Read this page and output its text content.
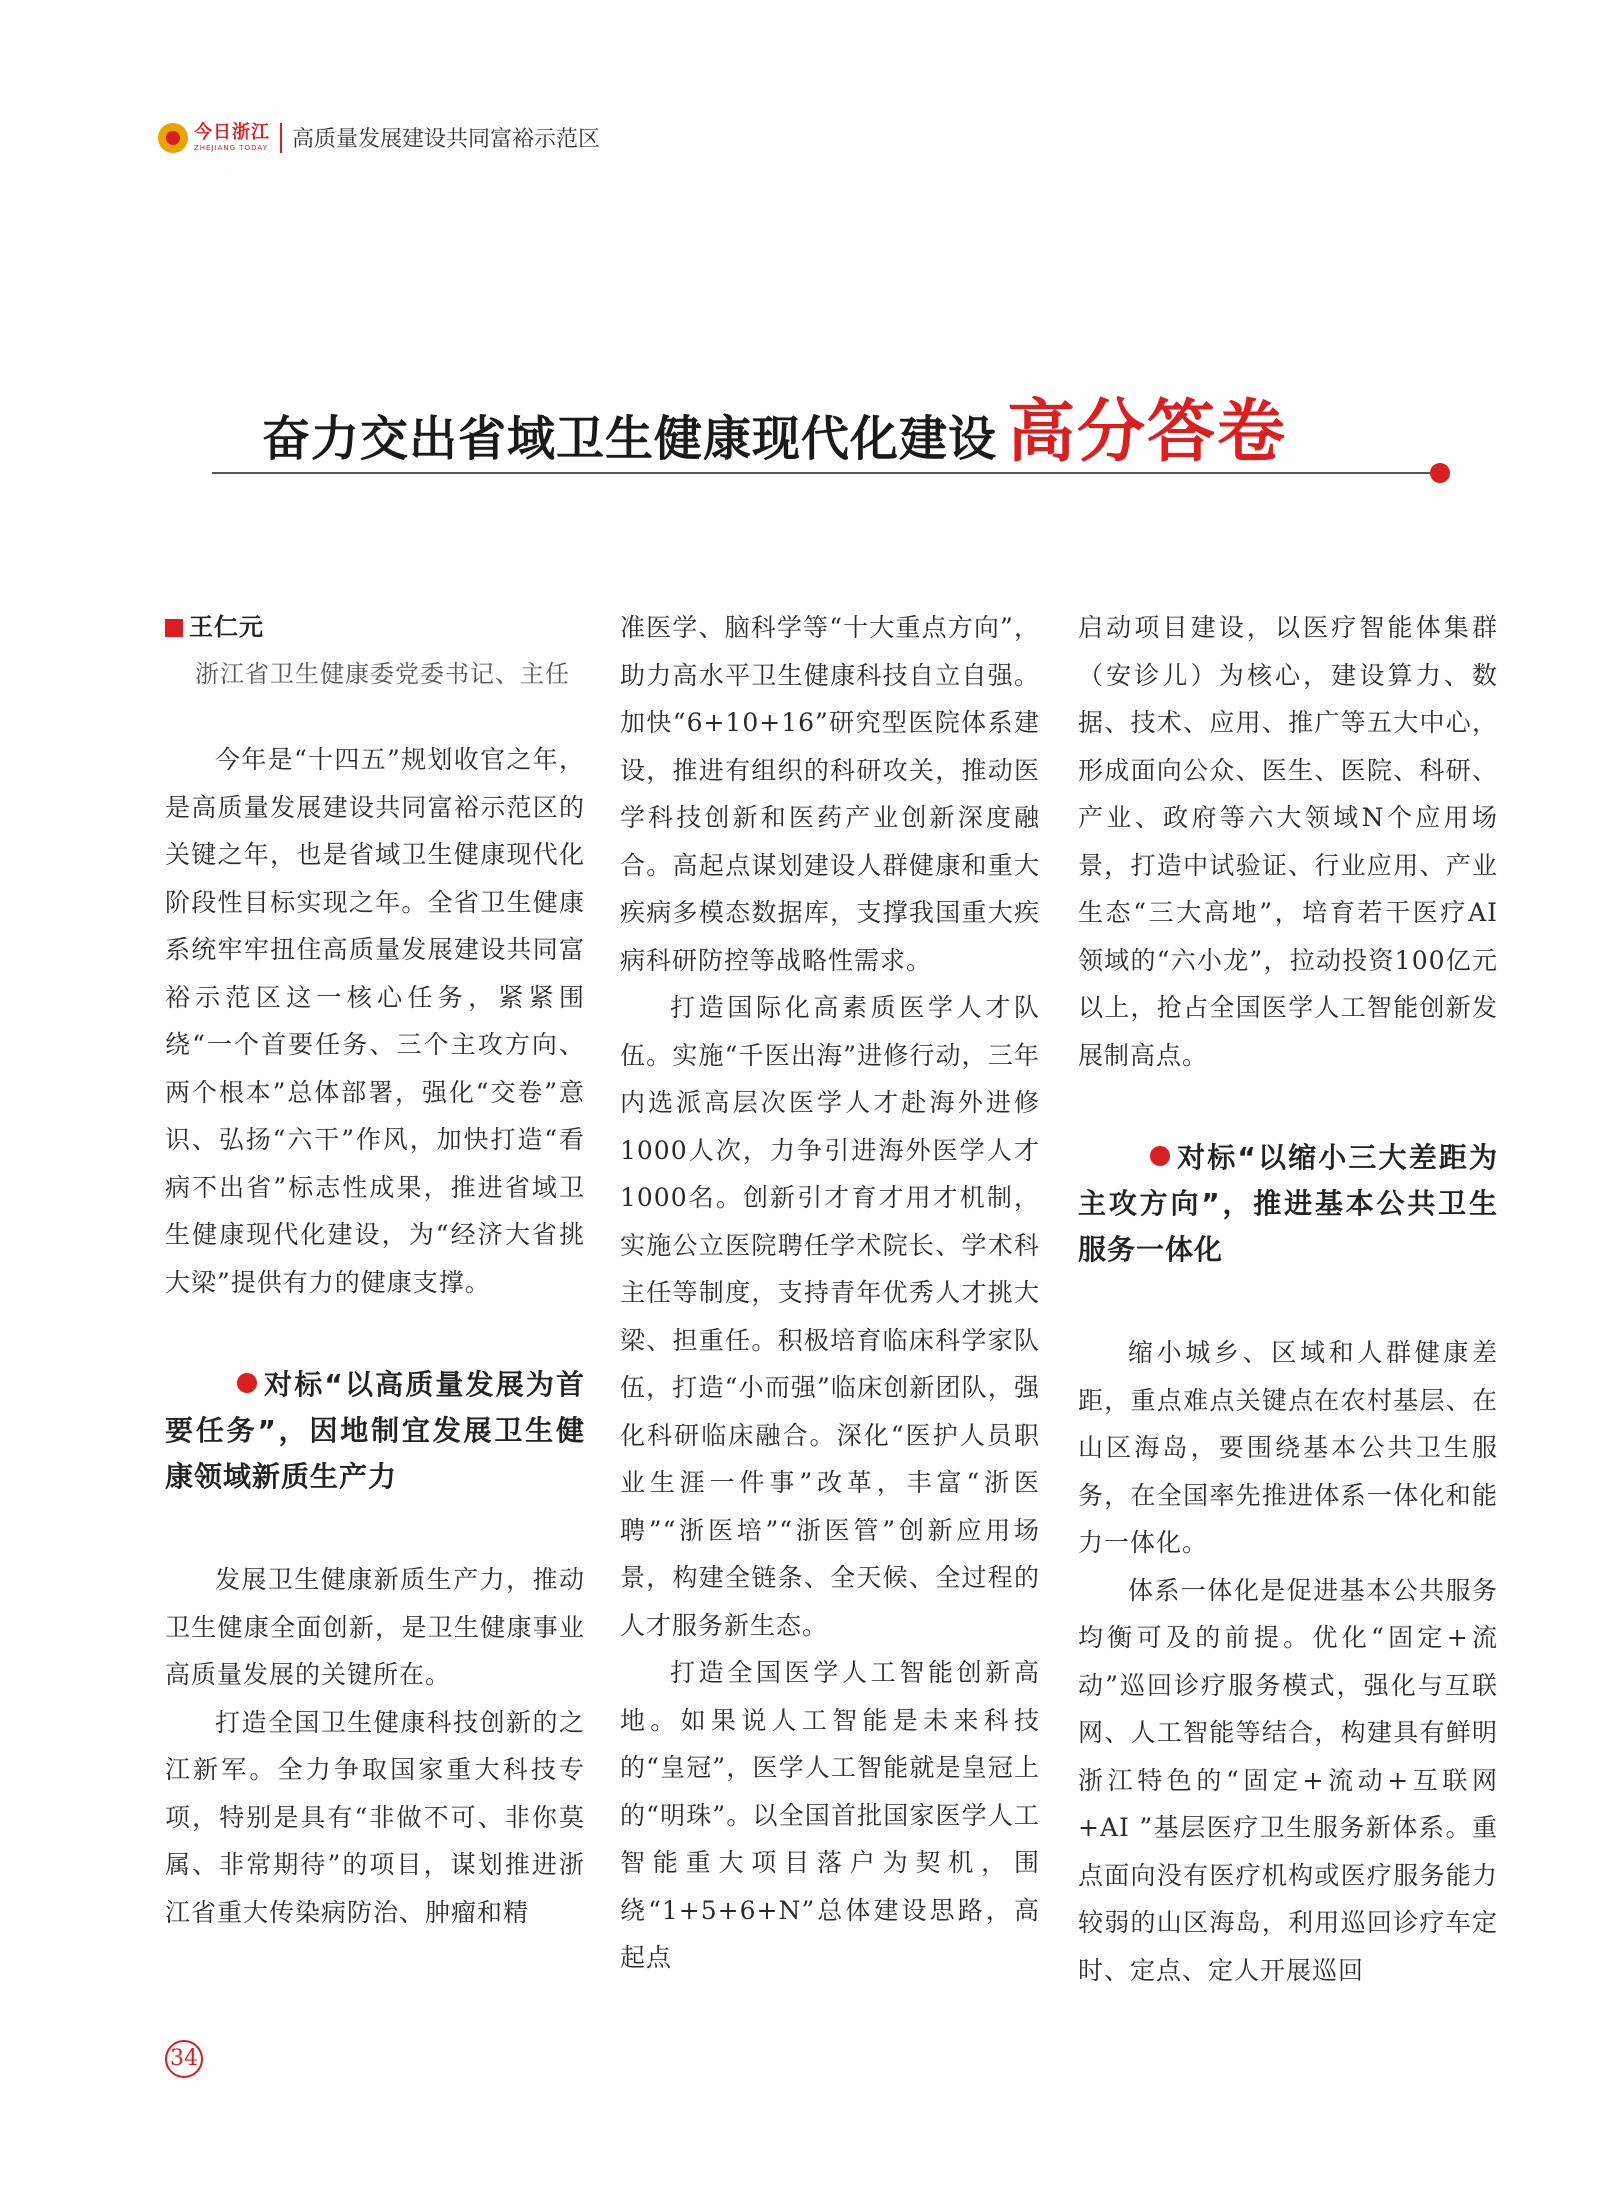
今日浙江
ZHEJIANG TODAY 高质量发展建设共同富裕示范区
奋力交出省域卫生健康现代化建设 高分答卷
王仁元
浙江省卫生健康委党委书记、主任

今年是“十四五”规划收官之年，是高质量发展建设共同富裕示范区的关键之年，也是省域卫生健康现代化阶段性目标实现之年。全省卫生健康系统牢牢扭住高质量发展建设共同富裕示范区这一核心任务，紧紧围绕“一个首要任务、三个主攻方向、两个根本”总体部署，强化“交卷”意识、弘扬“六干”作风，加快打造“看病不出省”标志性成果，推进省域卫生健康现代化建设，为“经济大省挑大梁”提供有力的健康支撑。

对标“以高质量发展为首要任务”，因地制宜发展卫生健康领域新质生产力

发展卫生健康新质生产力，推动卫生健康全面创新，是卫生健康事业高质量发展的关键所在。

打造全国卫生健康科技创新的之江新军。全力争取国家重大科技专项，特别是具有“非做不可、非你莫属、非常期待”的项目，谋划推进浙江省重大传染病防治、肿瘤和精

准医学、脑科学等“十大重点方向”，助力高水平卫生健康科技自立自强。加快“6+10+16”研究型医院体系建设，推进有组织的科研攻关，推动医学科技创新和医药产业创新深度融合。高起点谋划建设人群健康和重大疾病多模态数据库，支撑我国重大疾病科研防控等战略性需求。

打造国际化高素质医学人才队伍。实施“千医出海”进修行动，三年内选派高层次医学人才赴海外进修1000人次，力争引进海外医学人才1000名。创新引才育才用才机制，实施公立医院聘任学术院长、学术科主任等制度，支持青年优秀人才挑大梁、担重任。积极培育临床科学家队伍，打造“小而强”临床创新团队，强化科研临床融合。深化“医护人员职业生涯一件事”改革，丰富“浙医聘”“浙医培”“浙医管”创新应用场景，构建全链条、全天候、全过程的人才服务新生态。

打造全国医学人工智能创新高地。如果说人工智能是未来科技的“皇冠”，医学人工智能就是皇冠上的“明珠”。以全国首批国家医学人工智能重大项目落户为契机，围绕“1+5+6+N”总体建设思路，高起点

启动项目建设，以医疗智能体集群（安诊儿）为核心，建设算力、数据、技术、应用、推广等五大中心，形成面向公众、医生、医院、科研、产业、政府等六大领域N个应用场景，打造中试验证、行业应用、产业生态“三大高地”，培育若干医疗AI领域的“六小龙”，拉动投资100亿元以上，抢占全国医学人工智能创新发展制高点。

对标“以缩小三大差距为主攻方向”，推进基本公共卫生服务一体化

缩小城乡、区域和人群健康差距，重点难点关键点在农村基层、在山区海岛，要围绕基本公共卫生服务，在全国率先推进体系一体化和能力一体化。

体系一体化是促进基本公共服务均衡可及的前提。优化“固定+流动”巡回诊疗服务模式，强化与互联网、人工智能等结合，构建具有鲜明浙江特色的“固定+流动+互联网+AI ”基层医疗卫生服务新体系。重点面向没有医疗机构或医疗服务能力较弱的山区海岛，利用巡回诊疗车定时、定点、定人开展巡回

34
